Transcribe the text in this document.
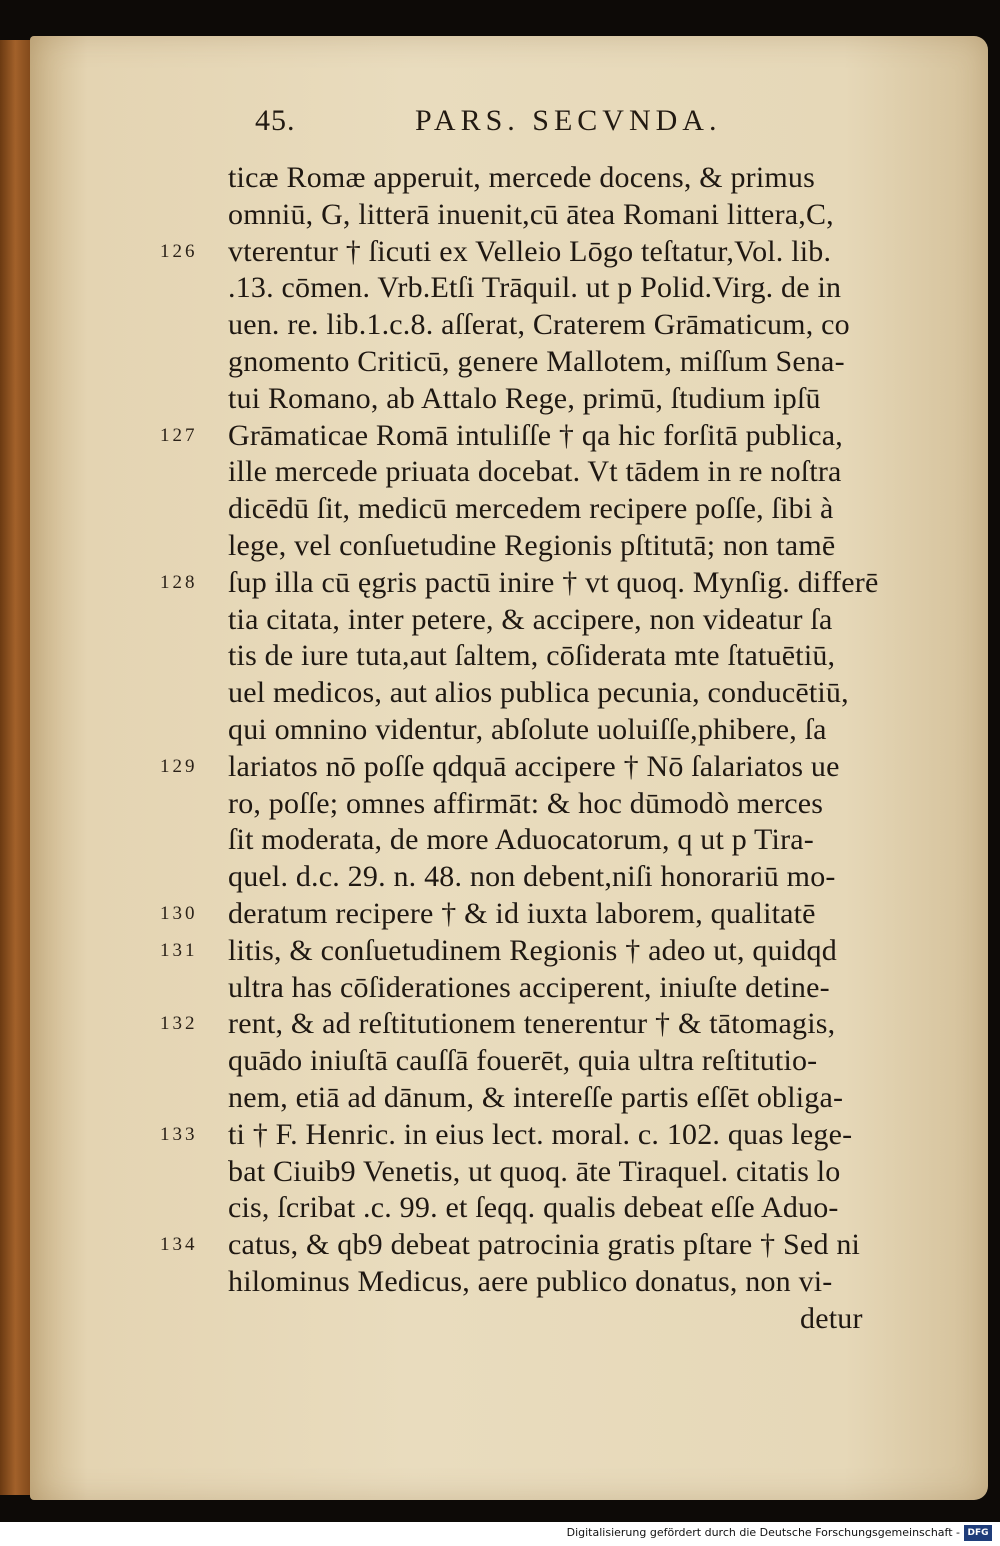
45.	PARS. SECVNDA.
ticæ Romæ apperuit, mercede docens, & primus
omniū, G, litterā inuenit,cū ātea Romani littera,C,
126	vterentur † ſicuti ex Velleio Lōgo teſtatur,Vol. lib.
.13. cōmen. Vrb.Etſi Trāquil. ut p Polid.Virg. de in
uen. re. lib.1.c.8. aſſerat, Craterem Grāmaticum, co
gnomento Criticū, genere Mallotem, miſſum Sena-
tui Romano, ab Attalo Rege, primū, ſtudium ipſū
127	Grāmaticae Romā intuliſſe † qa hic forſitā publica,
ille mercede priuata docebat. Vt tādem in re noſtra
dicēdū ſit, medicū mercedem recipere poſſe, ſibi à
lege, vel conſuetudine Regionis pſtitutā; non tamē
128	ſup illa cū ęgris pactū inire † vt quoq. Mynſig. differē
tia citata, inter petere, & accipere, non videatur ſa
tis de iure tuta,aut ſaltem, cōſiderata mte ſtatuētiū,
uel medicos, aut alios publica pecunia, conducētiū,
qui omnino videntur, abſolute uoluiſſe,phibere, ſa
129	lariatos nō poſſe qdquā accipere † Nō ſalariatos ue
ro, poſſe; omnes affirmāt: & hoc dūmodò merces
ſit moderata, de more Aduocatorum, q ut p Tira-
quel. d.c. 29. n. 48. non debent,niſi honorariū mo-
130	deratum recipere † & id iuxta laborem, qualitatē
131	litis, & conſuetudinem Regionis † adeo ut, quidqd
ultra has cōſiderationes acciperent, iniuſte detine-
132	rent, & ad reſtitutionem tenerentur † & tātomagis,
quādo iniuſtā cauſſā fouerēt, quia ultra reſtitutio-
nem, etiā ad dānum, & intereſſe partis eſſēt obliga-
133	ti † F. Henric. in eius lect. moral. c. 102. quas lege-
bat Ciuib9 Venetis, ut quoq. āte Tiraquel. citatis lo
cis, ſcribat .c. 99. et ſeqq. qualis debeat eſſe Aduo-
134	catus, & qb9 debeat patrocinia gratis pſtare † Sed ni
hilominus Medicus, aere publico donatus, non vi-
detur
Digitalisierung gefördert durch die Deutsche Forschungsgemeinschaft - DFG
